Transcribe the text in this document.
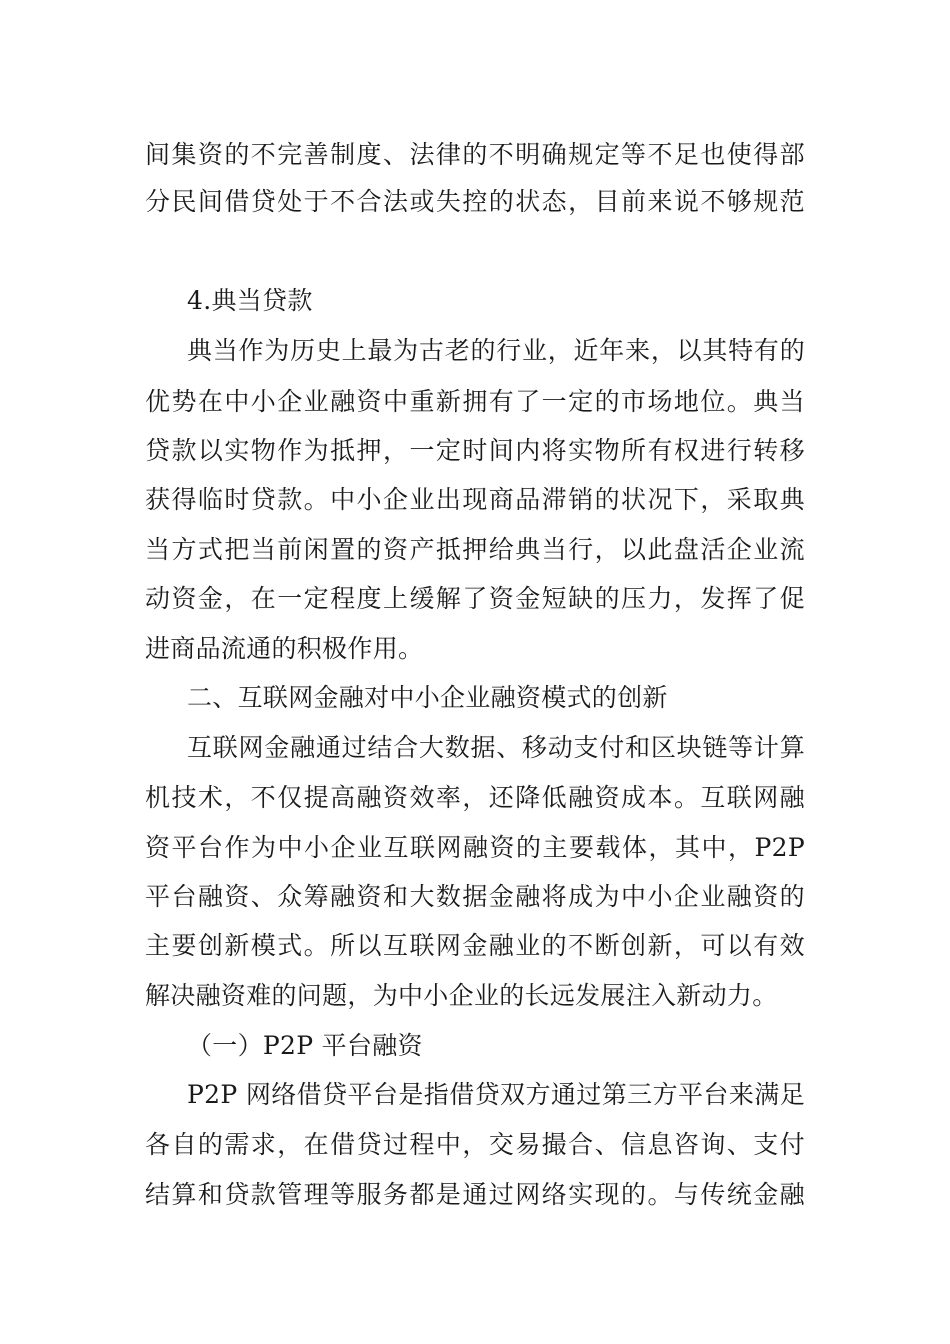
间集资的不完善制度、法律的不明确规定等不足也使得部
分民间借贷处于不合法或失控的状态，目前来说不够规范
4.典当贷款
典当作为历史上最为古老的行业，近年来，以其特有的
优势在中小企业融资中重新拥有了一定的市场地位。典当
贷款以实物作为抵押，一定时间内将实物所有权进行转移
获得临时贷款。中小企业出现商品滞销的状况下，采取典
当方式把当前闲置的资产抵押给典当行，以此盘活企业流
动资金，在一定程度上缓解了资金短缺的压力，发挥了促
进商品流通的积极作用。
二、互联网金融对中小企业融资模式的创新
互联网金融通过结合大数据、移动支付和区块链等计算
机技术，不仅提高融资效率，还降低融资成本。互联网融
资平台作为中小企业互联网融资的主要载体，其中，P2P
平台融资、众筹融资和大数据金融将成为中小企业融资的
主要创新模式。所以互联网金融业的不断创新，可以有效
解决融资难的问题，为中小企业的长远发展注入新动力。
（一）P2P 平台融资
P2P 网络借贷平台是指借贷双方通过第三方平台来满足
各自的需求，在借贷过程中，交易撮合、信息咨询、支付
结算和贷款管理等服务都是通过网络实现的。与传统金融
